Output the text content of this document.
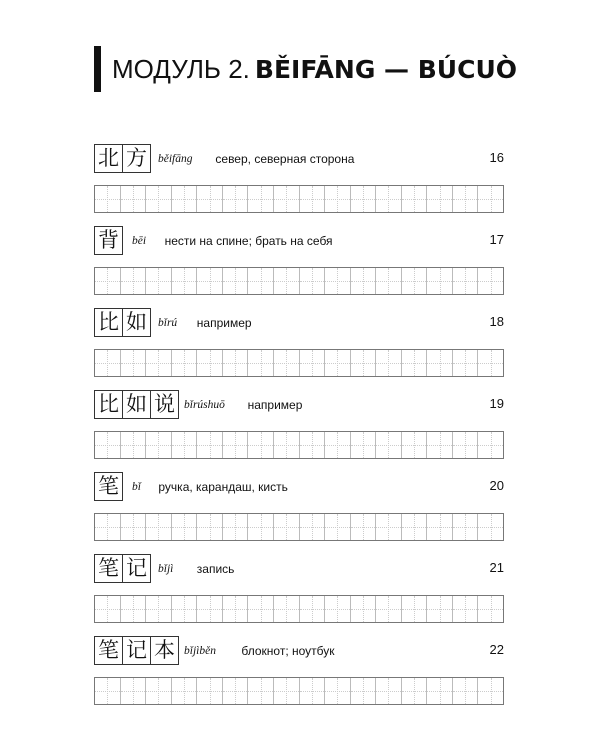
МОДУЛЬ 2. BĚIFĀNG — BÚCUÒ
北 方 běifāng север, северная сторона	16
背	bēi нести на спине; брать на себя	17
比 如 bǐrú например	18
比 如 说 bǐrúshuō например	19
笔	bǐ ручка, карандаш, кисть	20
笔 记 bǐjì запись	21
笔 记 本 bǐjìběn блокнот; ноутбук	22
